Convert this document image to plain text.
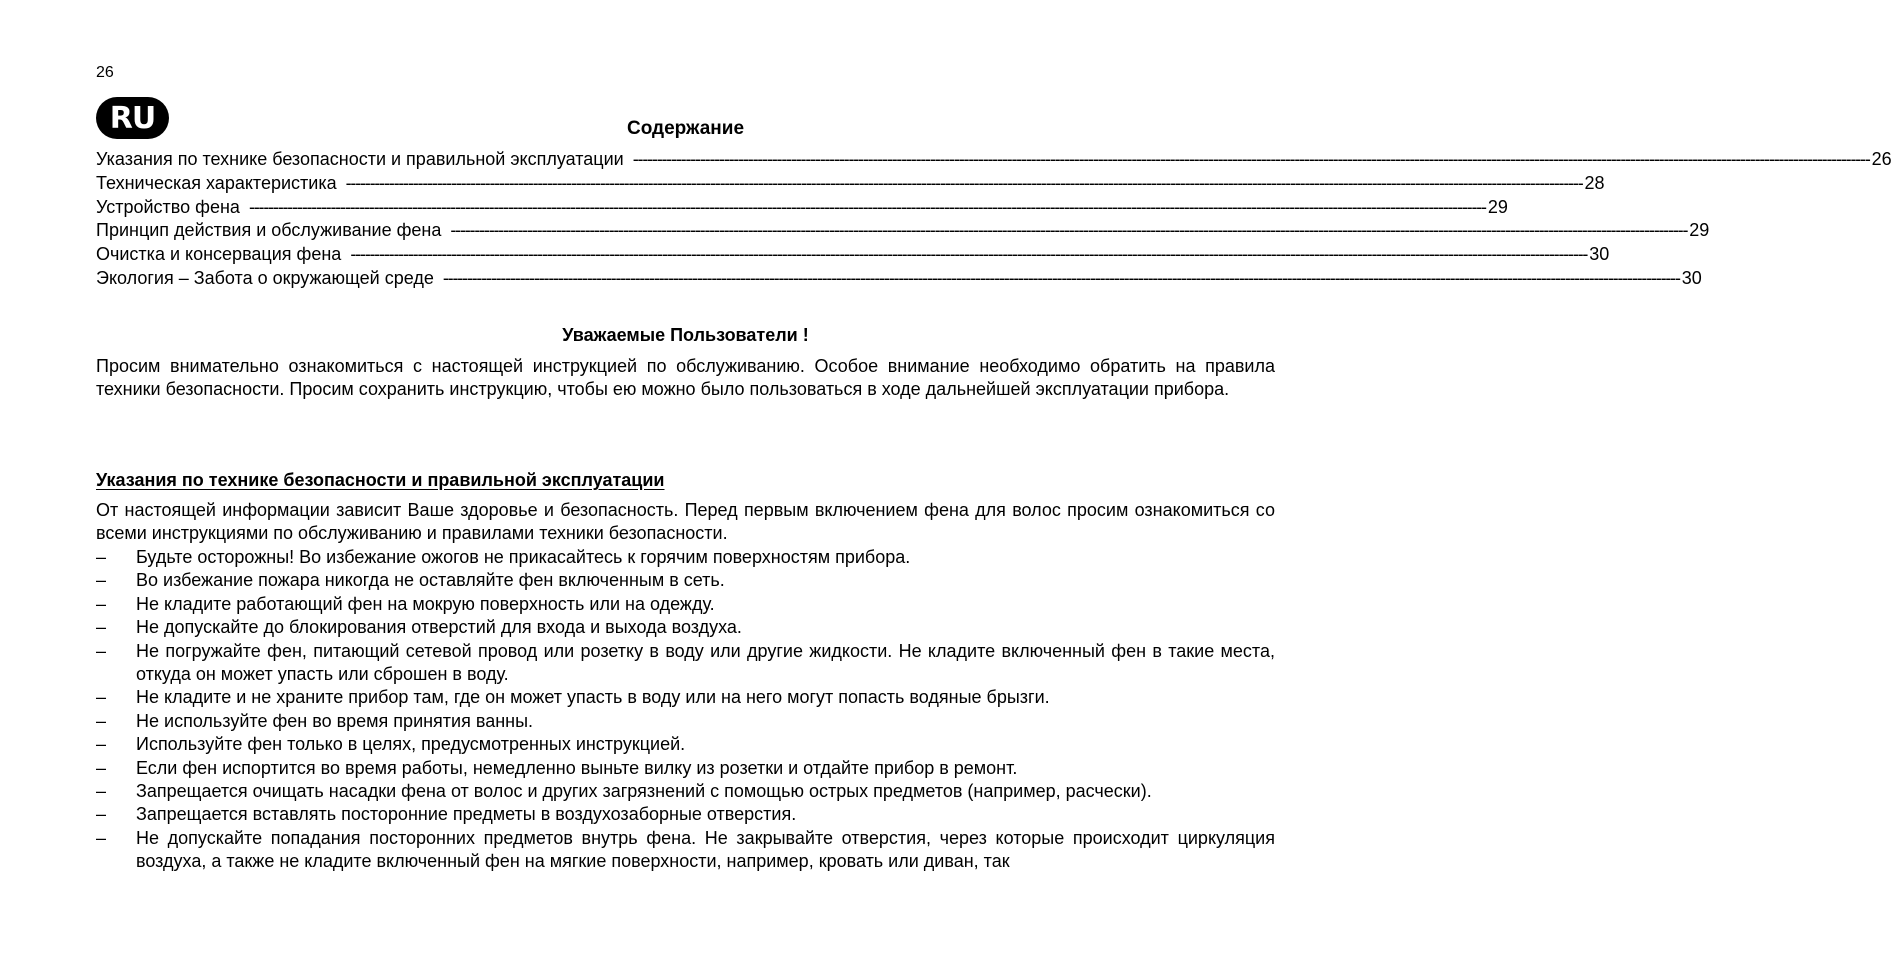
26
RU	Содержание
Указания по технике безопасности и правильной эксплуатации ------------------------------------------------------------------------------------------------------------------------------------------------------------------------------------------------------------------------------------------------------------------ 26
Техническая характеристика ------------------------------------------------------------------------------------------------------------------------------------------------------------------------------------------------------------------------------------------------------------------ 28
Устройство фена ------------------------------------------------------------------------------------------------------------------------------------------------------------------------------------------------------------------------------------------------------------------ 29
Принцип действия и обслуживание фена ------------------------------------------------------------------------------------------------------------------------------------------------------------------------------------------------------------------------------------------------------------------ 29
Очистка и консервация фена ------------------------------------------------------------------------------------------------------------------------------------------------------------------------------------------------------------------------------------------------------------------ 30
Экология – Забота о окружающей среде ------------------------------------------------------------------------------------------------------------------------------------------------------------------------------------------------------------------------------------------------------------------ 30
Уважаемые Пользователи !
Просим внимательно ознакомиться с настоящей инструкцией по обслуживанию. Особое внимание необходимо обратить на правила техники безопасности. Просим сохранить инструкцию, чтобы ею можно было пользоваться в ходе дальнейшей эксплуатации прибора.
Указания по технике безопасности и правильной эксплуатации
От настоящей информации зависит Ваше здоровье и безопасность. Перед первым включением фена для волос просим ознакомиться со всеми инструкциями по обслуживанию и правилами техники безопасности.
–	Будьте осторожны! Во избежание ожогов не прикасайтесь к горячим поверхностям прибора.
–	Во избежание пожара никогда не оставляйте фен включенным в сеть.
–	Не кладите работающий фен на мокрую поверхность или на одежду.
–	Не допускайте до блокирования отверстий для входа и выхода воздуха.
–	Не погружайте фен, питающий сетевой провод или розетку в воду или другие жидкости. Не кладите включенный фен в такие места, откуда он может упасть или сброшен в воду.
–	Не кладите и не храните прибор там, где он может упасть в воду или на него могут попасть водяные брызги.
–	Не используйте фен во время принятия ванны.
–	Используйте фен только в целях, предусмотренных инструкцией.
–	Если фен испортится во время работы, немедленно выньте вилку из розетки и отдайте прибор в ремонт.
–	Запрещается очищать насадки фена от волос и других загрязнений с помощью острых предметов (например, расчески).
–	Запрещается вставлять посторонние предметы в воздухозаборные отверстия.
–	Не допускайте попадания посторонних предметов внутрь фена. Не закрывайте отверстия, через которые происходит циркуляция воздуха, а также не кладите включенный фен на мягкие поверхности, например, кровать или диван, так
